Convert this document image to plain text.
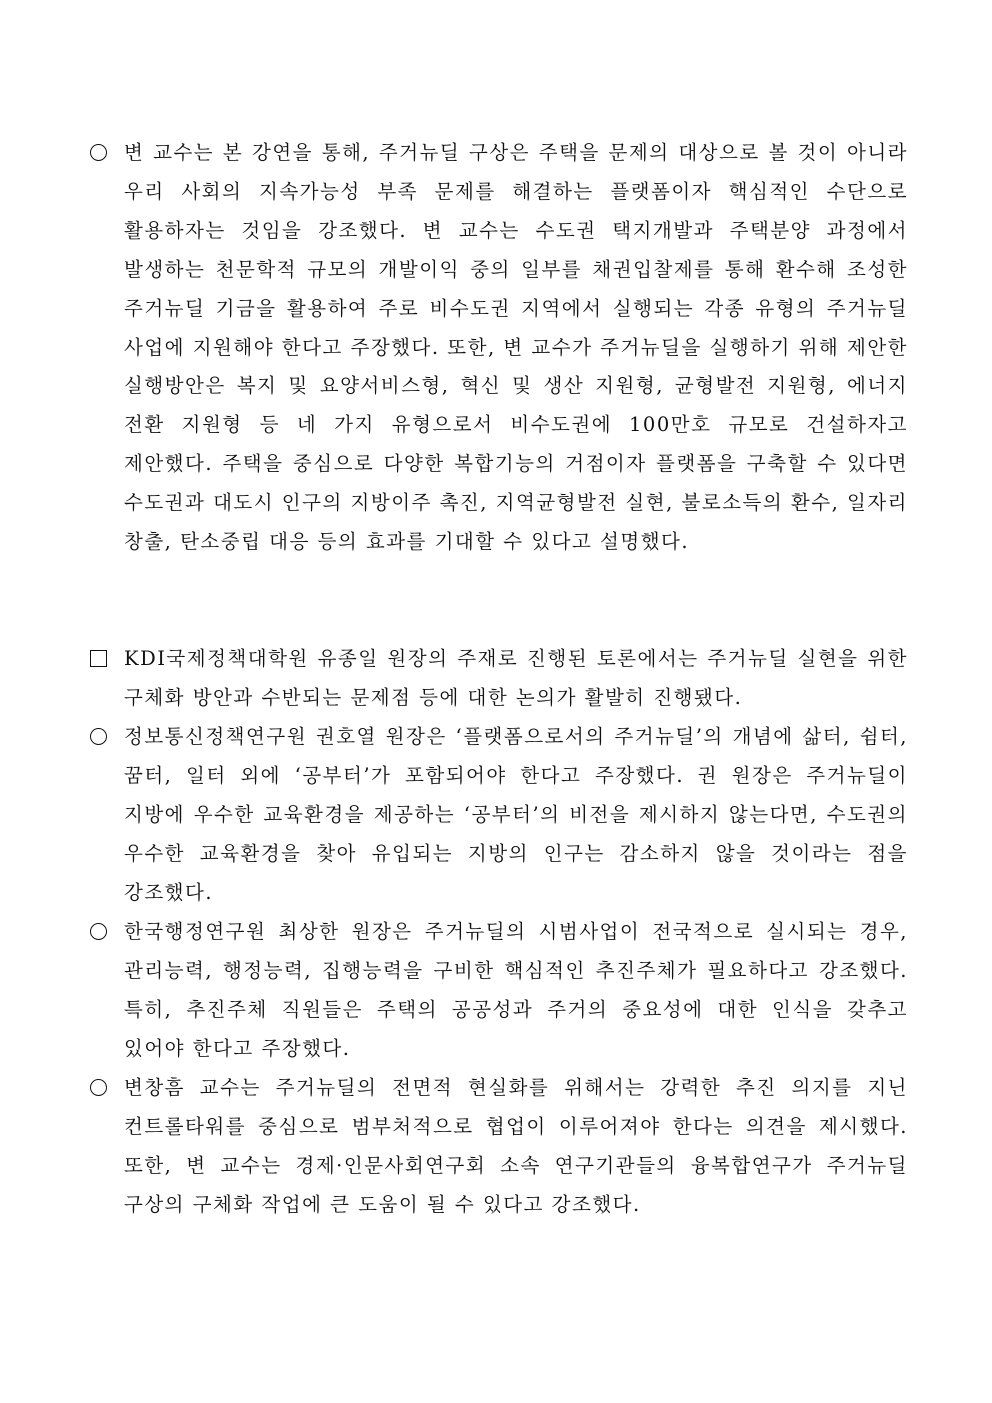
변 교수는 본 강연을 통해, 주거뉴딜 구상은 주택을 문제의 대상으로 볼 것이 아니라 우리 사회의 지속가능성 부족 문제를 해결하는 플랫폼이자 핵심적인 수단으로 활용하자는 것임을 강조했다. 변 교수는 수도권 택지개발과 주택분양 과정에서 발생하는 천문학적 규모의 개발이익 중의 일부를 채권입찰제를 통해 환수해 조성한 주거뉴딜 기금을 활용하여 주로 비수도권 지역에서 실행되는 각종 유형의 주거뉴딜 사업에 지원해야 한다고 주장했다. 또한, 변 교수가 주거뉴딜을 실행하기 위해 제안한 실행방안은 복지 및 요양서비스형, 혁신 및 생산 지원형, 균형발전 지원형, 에너지 전환 지원형 등 네 가지 유형으로서 비수도권에 100만호 규모로 건설하자고 제안했다. 주택을 중심으로 다양한 복합기능의 거점이자 플랫폼을 구축할 수 있다면 수도권과 대도시 인구의 지방이주 촉진, 지역균형발전 실현, 불로소득의 환수, 일자리 창출, 탄소중립 대응 등의 효과를 기대할 수 있다고 설명했다.
KDI국제정책대학원 유종일 원장의 주재로 진행된 토론에서는 주거뉴딜 실현을 위한 구체화 방안과 수반되는 문제점 등에 대한 논의가 활발히 진행됐다.
정보통신정책연구원 권호열 원장은 ‘플랫폼으로서의 주거뉴딜’의 개념에 삶터, 쉼터, 꿈터, 일터 외에 ‘공부터’가 포함되어야 한다고 주장했다. 권 원장은 주거뉴딜이 지방에 우수한 교육환경을 제공하는 ‘공부터’의 비전을 제시하지 않는다면, 수도권의 우수한 교육환경을 찾아 유입되는 지방의 인구는 감소하지 않을 것이라는 점을 강조했다.
한국행정연구원 최상한 원장은 주거뉴딜의 시범사업이 전국적으로 실시되는 경우, 관리능력, 행정능력, 집행능력을 구비한 핵심적인 추진주체가 필요하다고 강조했다. 특히, 추진주체 직원들은 주택의 공공성과 주거의 중요성에 대한 인식을 갖추고 있어야 한다고 주장했다.
변창흠 교수는 주거뉴딜의 전면적 현실화를 위해서는 강력한 추진 의지를 지닌 컨트롤타워를 중심으로 범부처적으로 협업이 이루어져야 한다는 의견을 제시했다. 또한, 변 교수는 경제·인문사회연구회 소속 연구기관들의 융복합연구가 주거뉴딜 구상의 구체화 작업에 큰 도움이 될 수 있다고 강조했다.
